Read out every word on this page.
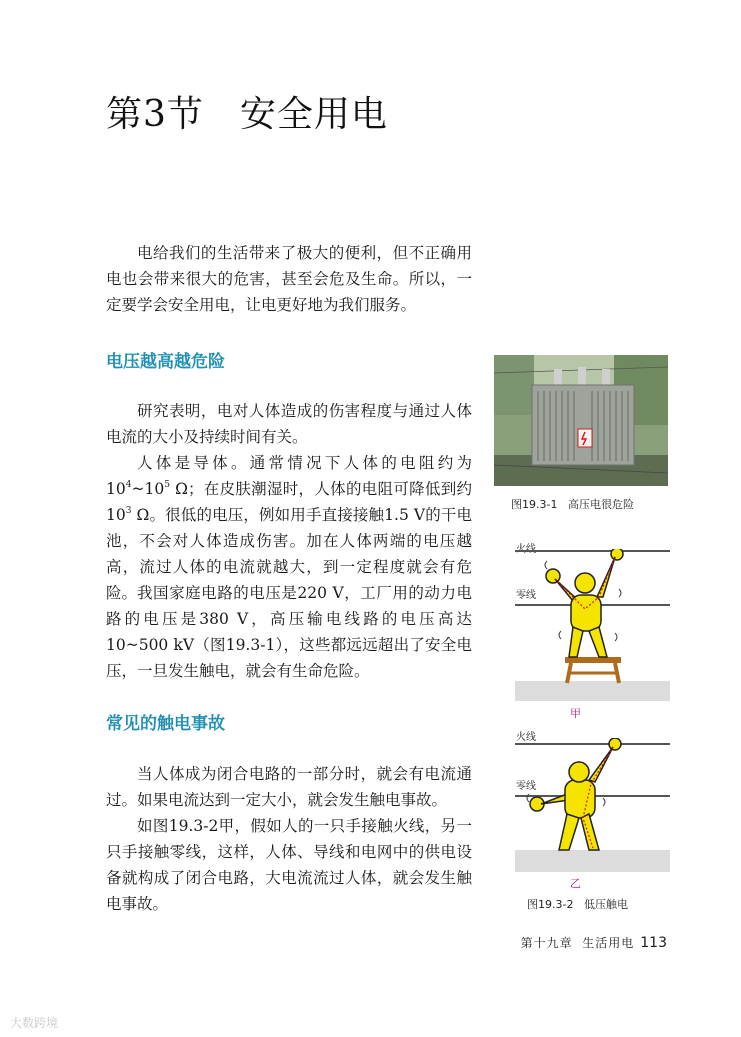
第3节 安全用电

电给我们的生活带来了极大的便利，但不正确用电也会带来很大的危害，甚至会危及生命。所以，一定要学会安全用电，让电更好地为我们服务。

电压越高越危险

研究表明，电对人体造成的伤害程度与通过人体电流的大小及持续时间有关。

人体是导体。通常情况下人体的电阻约为$10^4\sim 10^5$ Ω；在皮肤潮湿时，人体的电阻可降低到约$10^3$ Ω。很低的电压，例如用手直接接触1.5 V的干电池，不会对人体造成伤害。加在人体两端的电压越高，流过人体的电流就越大，到一定程度就会有危险。 我国家庭电路的电压是220 V，工厂用的动力电路的电压是380 V，高压输电线路的电压高达10~500 kV（图19.3-1），这些都远远超出了安全电压，一旦发生触电，就会有生命危险。

常见的触电事故

当人体成为闭合电路的一部分时，就会有电流通过。如果电流达到一定大小，就会发生触电事故。

如图19.3-2甲，假如人的一只手接触火线，另一只手接触零线，这样，人体、导线和电网中的供电设备就构成了闭合电路，大电流流过人体，就会发生触电事故。

图19.3-1 高压电很危险
火线
零线
甲
火线
零线
乙
图19.3-2 低压触电
第十九章  生活用电 113
大数跨境
